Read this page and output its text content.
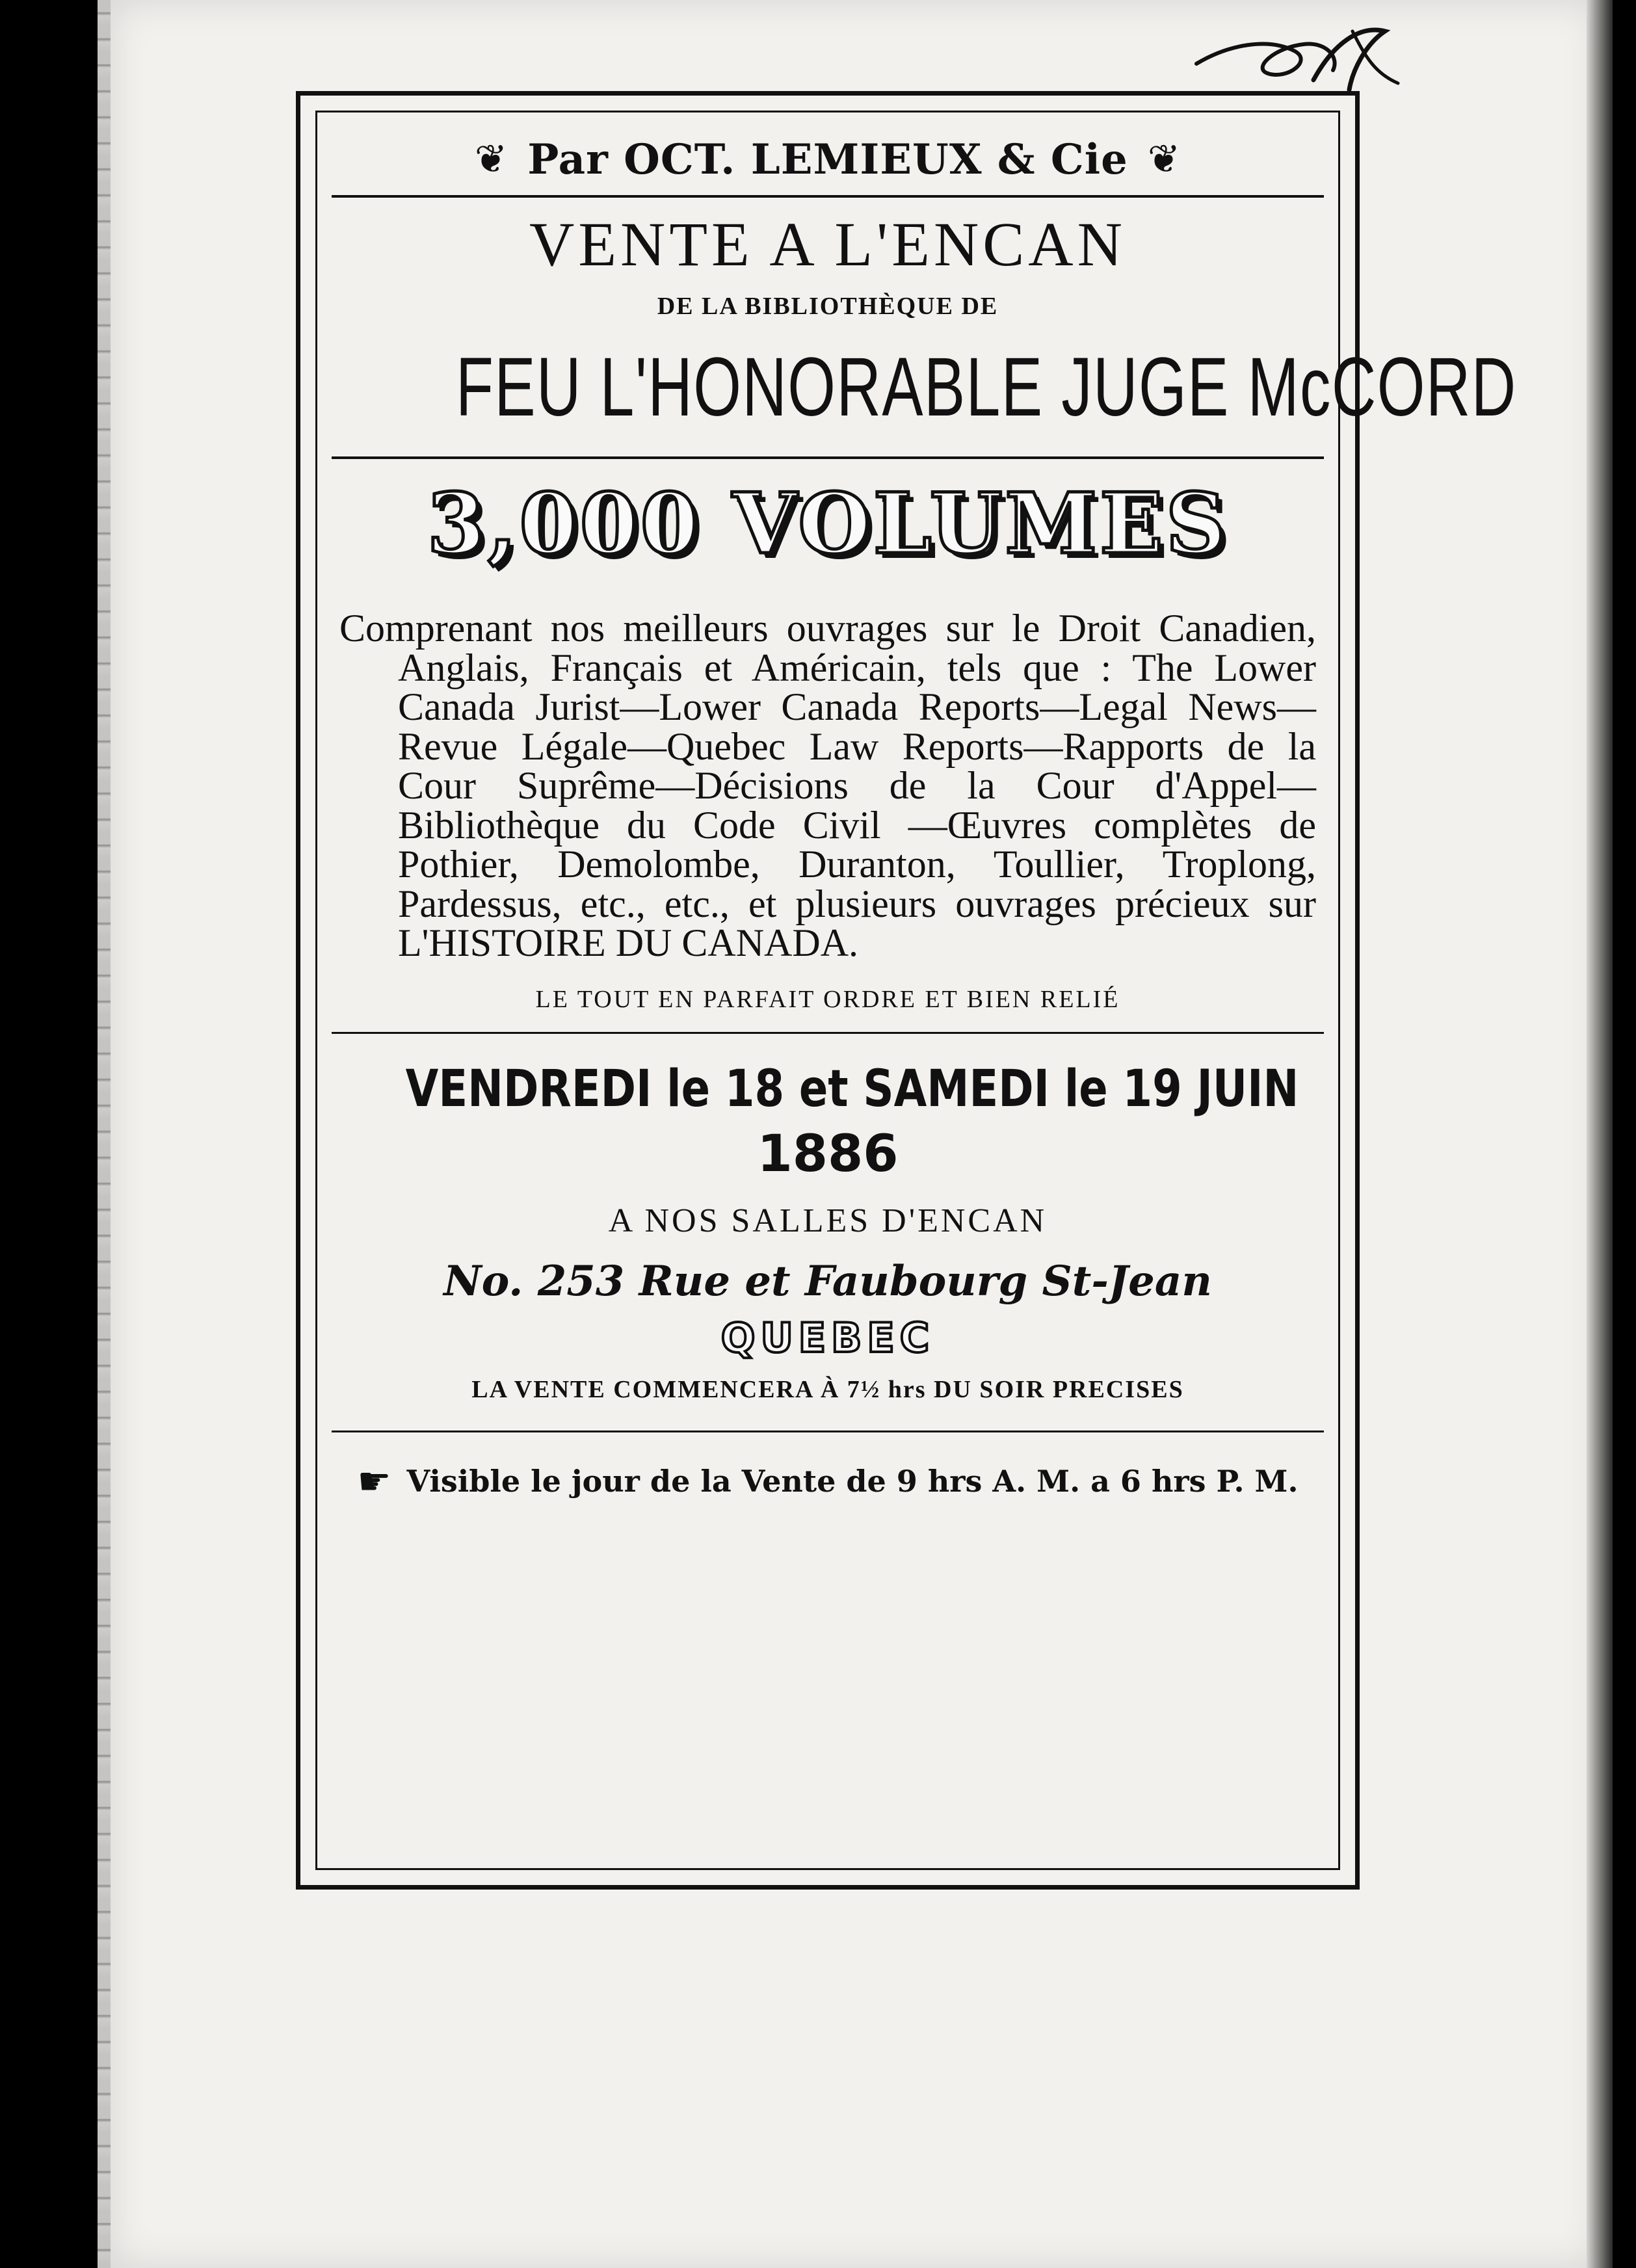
❦ Par OCT. LEMIEUX & Cie ❦
VENTE A L'ENCAN
DE LA BIBLIOTHÈQUE DE
FEU L'HONORABLE JUGE McCORD
3,000 VOLUMES
Comprenant nos meilleurs ouvrages sur le Droit Canadien, Anglais, Français et Américain, tels que : The Lower Canada Jurist—Lower Canada Reports—Legal News—Revue Légale—Quebec Law Reports—Rapports de la Cour Suprême—Décisions de la Cour d'Appel—Bibliothèque du Code Civil —Œuvres complètes de Pothier, Demolombe, Duranton, Toullier, Troplong, Pardessus, etc., etc., et plusieurs ouvrages précieux sur L'HISTOIRE DU CANADA.
LE TOUT EN PARFAIT ORDRE ET BIEN RELIÉ
VENDREDI le 18 et SAMEDI le 19 JUIN
1886
A NOS SALLES D'ENCAN
No. 253 Rue et Faubourg St-Jean
QUEBEC
LA VENTE COMMENCERA À 7½ hrs DU SOIR PRECISES
☛ Visible le jour de la Vente de 9 hrs A. M. a 6 hrs P. M.
